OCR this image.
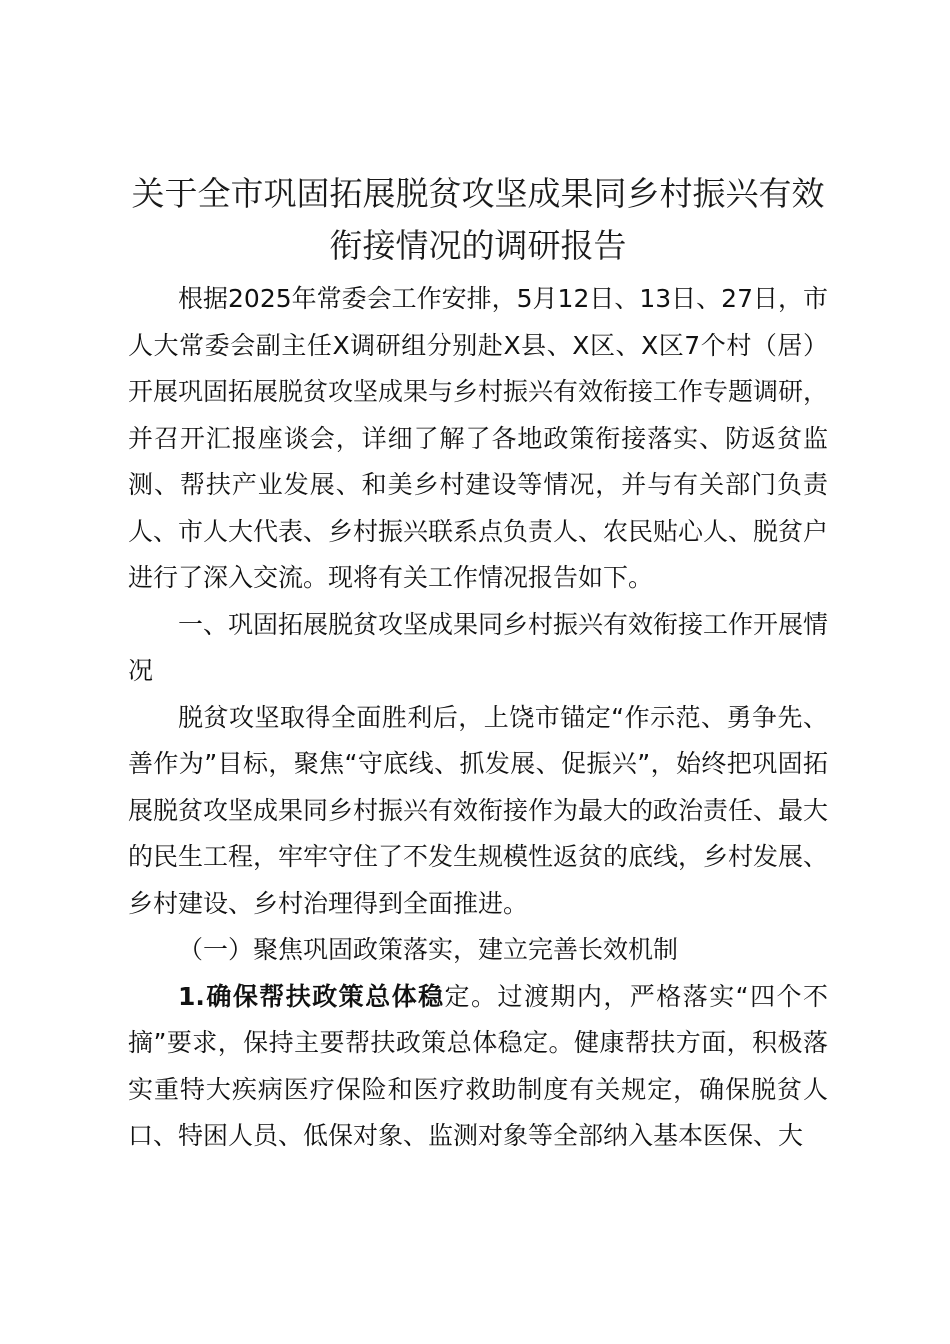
关于全市巩固拓展脱贫攻坚成果同乡村振兴有效衔接情况的调研报告

根据2025年常委会工作安排，5月12日、13日、27日，市人大常委会副主任X调研组分别赴X县、X区、X区7个村（居）开展巩固拓展脱贫攻坚成果与乡村振兴有效衔接工作专题调研，并召开汇报座谈会，详细了解了各地政策衔接落实、防返贫监测、帮扶产业发展、和美乡村建设等情况，并与有关部门负责人、市人大代表、乡村振兴联系点负责人、农民贴心人、脱贫户进行了深入交流。现将有关工作情况报告如下。

一、巩固拓展脱贫攻坚成果同乡村振兴有效衔接工作开展情况

脱贫攻坚取得全面胜利后，上饶市锚定“作示范、勇争先、善作为”目标，聚焦“守底线、抓发展、促振兴”，始终把巩固拓展脱贫攻坚成果同乡村振兴有效衔接作为最大的政治责任、最大的民生工程，牢牢守住了不发生规模性返贫的底线，乡村发展、乡村建设、乡村治理得到全面推进。

（一）聚焦巩固政策落实，建立完善长效机制

1.确保帮扶政策总体稳定。过渡期内，严格落实“四个不摘”要求，保持主要帮扶政策总体稳定。健康帮扶方面，积极落实重特大疾病医疗保险和医疗救助制度有关规定，确保脱贫人口、特困人员、低保对象、监测对象等全部纳入基本医保、大
